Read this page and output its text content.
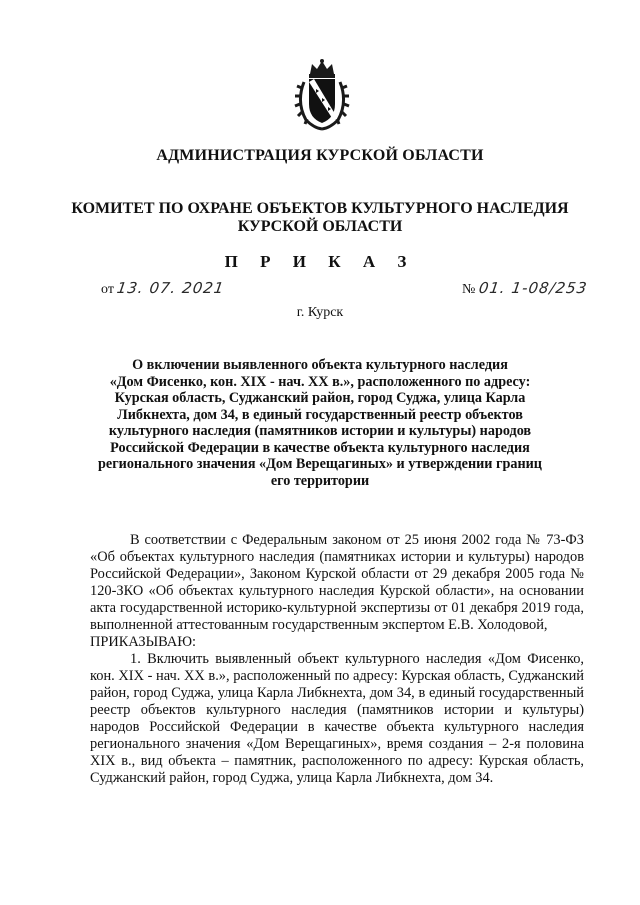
АДМИНИСТРАЦИЯ КУРСКОЙ ОБЛАСТИ
КОМИТЕТ ПО ОХРАНЕ ОБЪЕКТОВ КУЛЬТУРНОГО НАСЛЕДИЯ
КУРСКОЙ ОБЛАСТИ
П Р И К А З
от 13. 07. 2021	№ 01. 1-08/253
г. Курск
О включении выявленного объекта культурного наследия
«Дом Фисенко, кон. XIX - нач. XX в.», расположенного по адресу:
Курская область, Суджанский район, город Суджа, улица Карла
Либкнехта, дом 34, в единый государственный реестр объектов
культурного наследия (памятников истории и культуры) народов
Российской Федерации в качестве объекта культурного наследия
регионального значения «Дом Верещагиных» и утверждении границ
его территории

В соответствии с Федеральным законом от 25 июня 2002 года № 73-ФЗ «Об объектах культурного наследия (памятниках истории и культуры) народов Российской Федерации», Законом Курской области от 29 декабря 2005 года № 120-ЗКО «Об объектах культурного наследия Курской области», на основании акта государственной историко-культурной экспертизы от 01 декабря 2019 года, выполненной аттестованным государственным экспертом Е.В. Холодовой,

ПРИКАЗЫВАЮ:

1. Включить выявленный объект культурного наследия «Дом Фисенко, кон. XIX - нач. XX в.», расположенный по адресу: Курская область, Суджанский район, город Суджа, улица Карла Либкнехта, дом 34, в единый государственный реестр объектов культурного наследия (памятников истории и культуры) народов Российской Федерации в качестве объекта культурного наследия регионального значения «Дом Верещагиных», время создания – 2-я половина XIX в., вид объекта – памятник, расположенного по адресу: Курская область, Суджанский район, город Суджа, улица Карла Либкнехта, дом 34.
